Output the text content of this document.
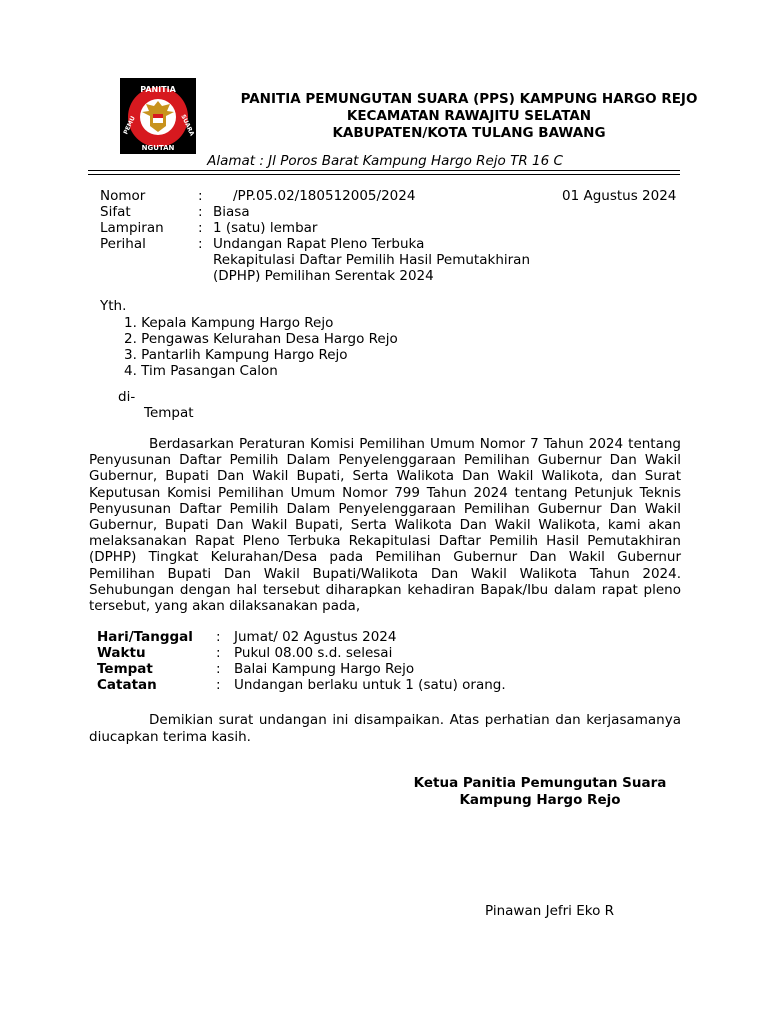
PANITIA
NGUTAN
PEMU	SUARA
PANITIA PEMUNGUTAN SUARA (PPS) KAMPUNG HARGO REJO
KECAMATAN RAWAJITU SELATAN
KABUPATEN/KOTA TULANG BAWANG
Alamat : Jl Poros Barat Kampung Hargo Rejo TR 16 C
Nomor	: /PP.05.02/180512005/2024	01 Agustus 2024
Sifat	: Biasa
Lampiran	: 1 (satu) lembar
Perihal	: Undangan Rapat Pleno Terbuka
Rekapitulasi Daftar Pemilih Hasil Pemutakhiran
(DPHP) Pemilihan Serentak 2024
Yth.
1. Kepala Kampung Hargo Rejo
2. Pengawas Kelurahan Desa Hargo Rejo
3. Pantarlih Kampung Hargo Rejo
4. Tim Pasangan Calon
di-
Tempat
Berdasarkan Peraturan Komisi Pemilihan Umum Nomor 7 Tahun 2024 tentang
Penyusunan Daftar Pemilih Dalam Penyelenggaraan Pemilihan Gubernur Dan Wakil
Gubernur, Bupati Dan Wakil Bupati, Serta Walikota Dan Wakil Walikota, dan Surat
Keputusan Komisi Pemilihan Umum Nomor 799 Tahun 2024 tentang Petunjuk Teknis
Penyusunan Daftar Pemilih Dalam Penyelenggaraan Pemilihan Gubernur Dan Wakil
Gubernur, Bupati Dan Wakil Bupati, Serta Walikota Dan Wakil Walikota, kami akan
melaksanakan Rapat Pleno Terbuka Rekapitulasi Daftar Pemilih Hasil Pemutakhiran
(DPHP) Tingkat Kelurahan/Desa pada Pemilihan Gubernur Dan Wakil Gubernur
Pemilihan Bupati Dan Wakil Bupati/Walikota Dan Wakil Walikota Tahun 2024.
Sehubungan dengan hal tersebut diharapkan kehadiran Bapak/Ibu dalam rapat pleno
tersebut, yang akan dilaksanakan pada,
Hari/Tanggal : Jumat/ 02 Agustus 2024
Waktu	: Pukul 08.00 s.d. selesai
Tempat	: Balai Kampung Hargo Rejo
Catatan	: Undangan berlaku untuk 1 (satu) orang.
Demikian surat undangan ini disampaikan. Atas perhatian dan kerjasamanya
diucapkan terima kasih.
Ketua Panitia Pemungutan Suara
Kampung Hargo Rejo
Pinawan Jefri Eko R
